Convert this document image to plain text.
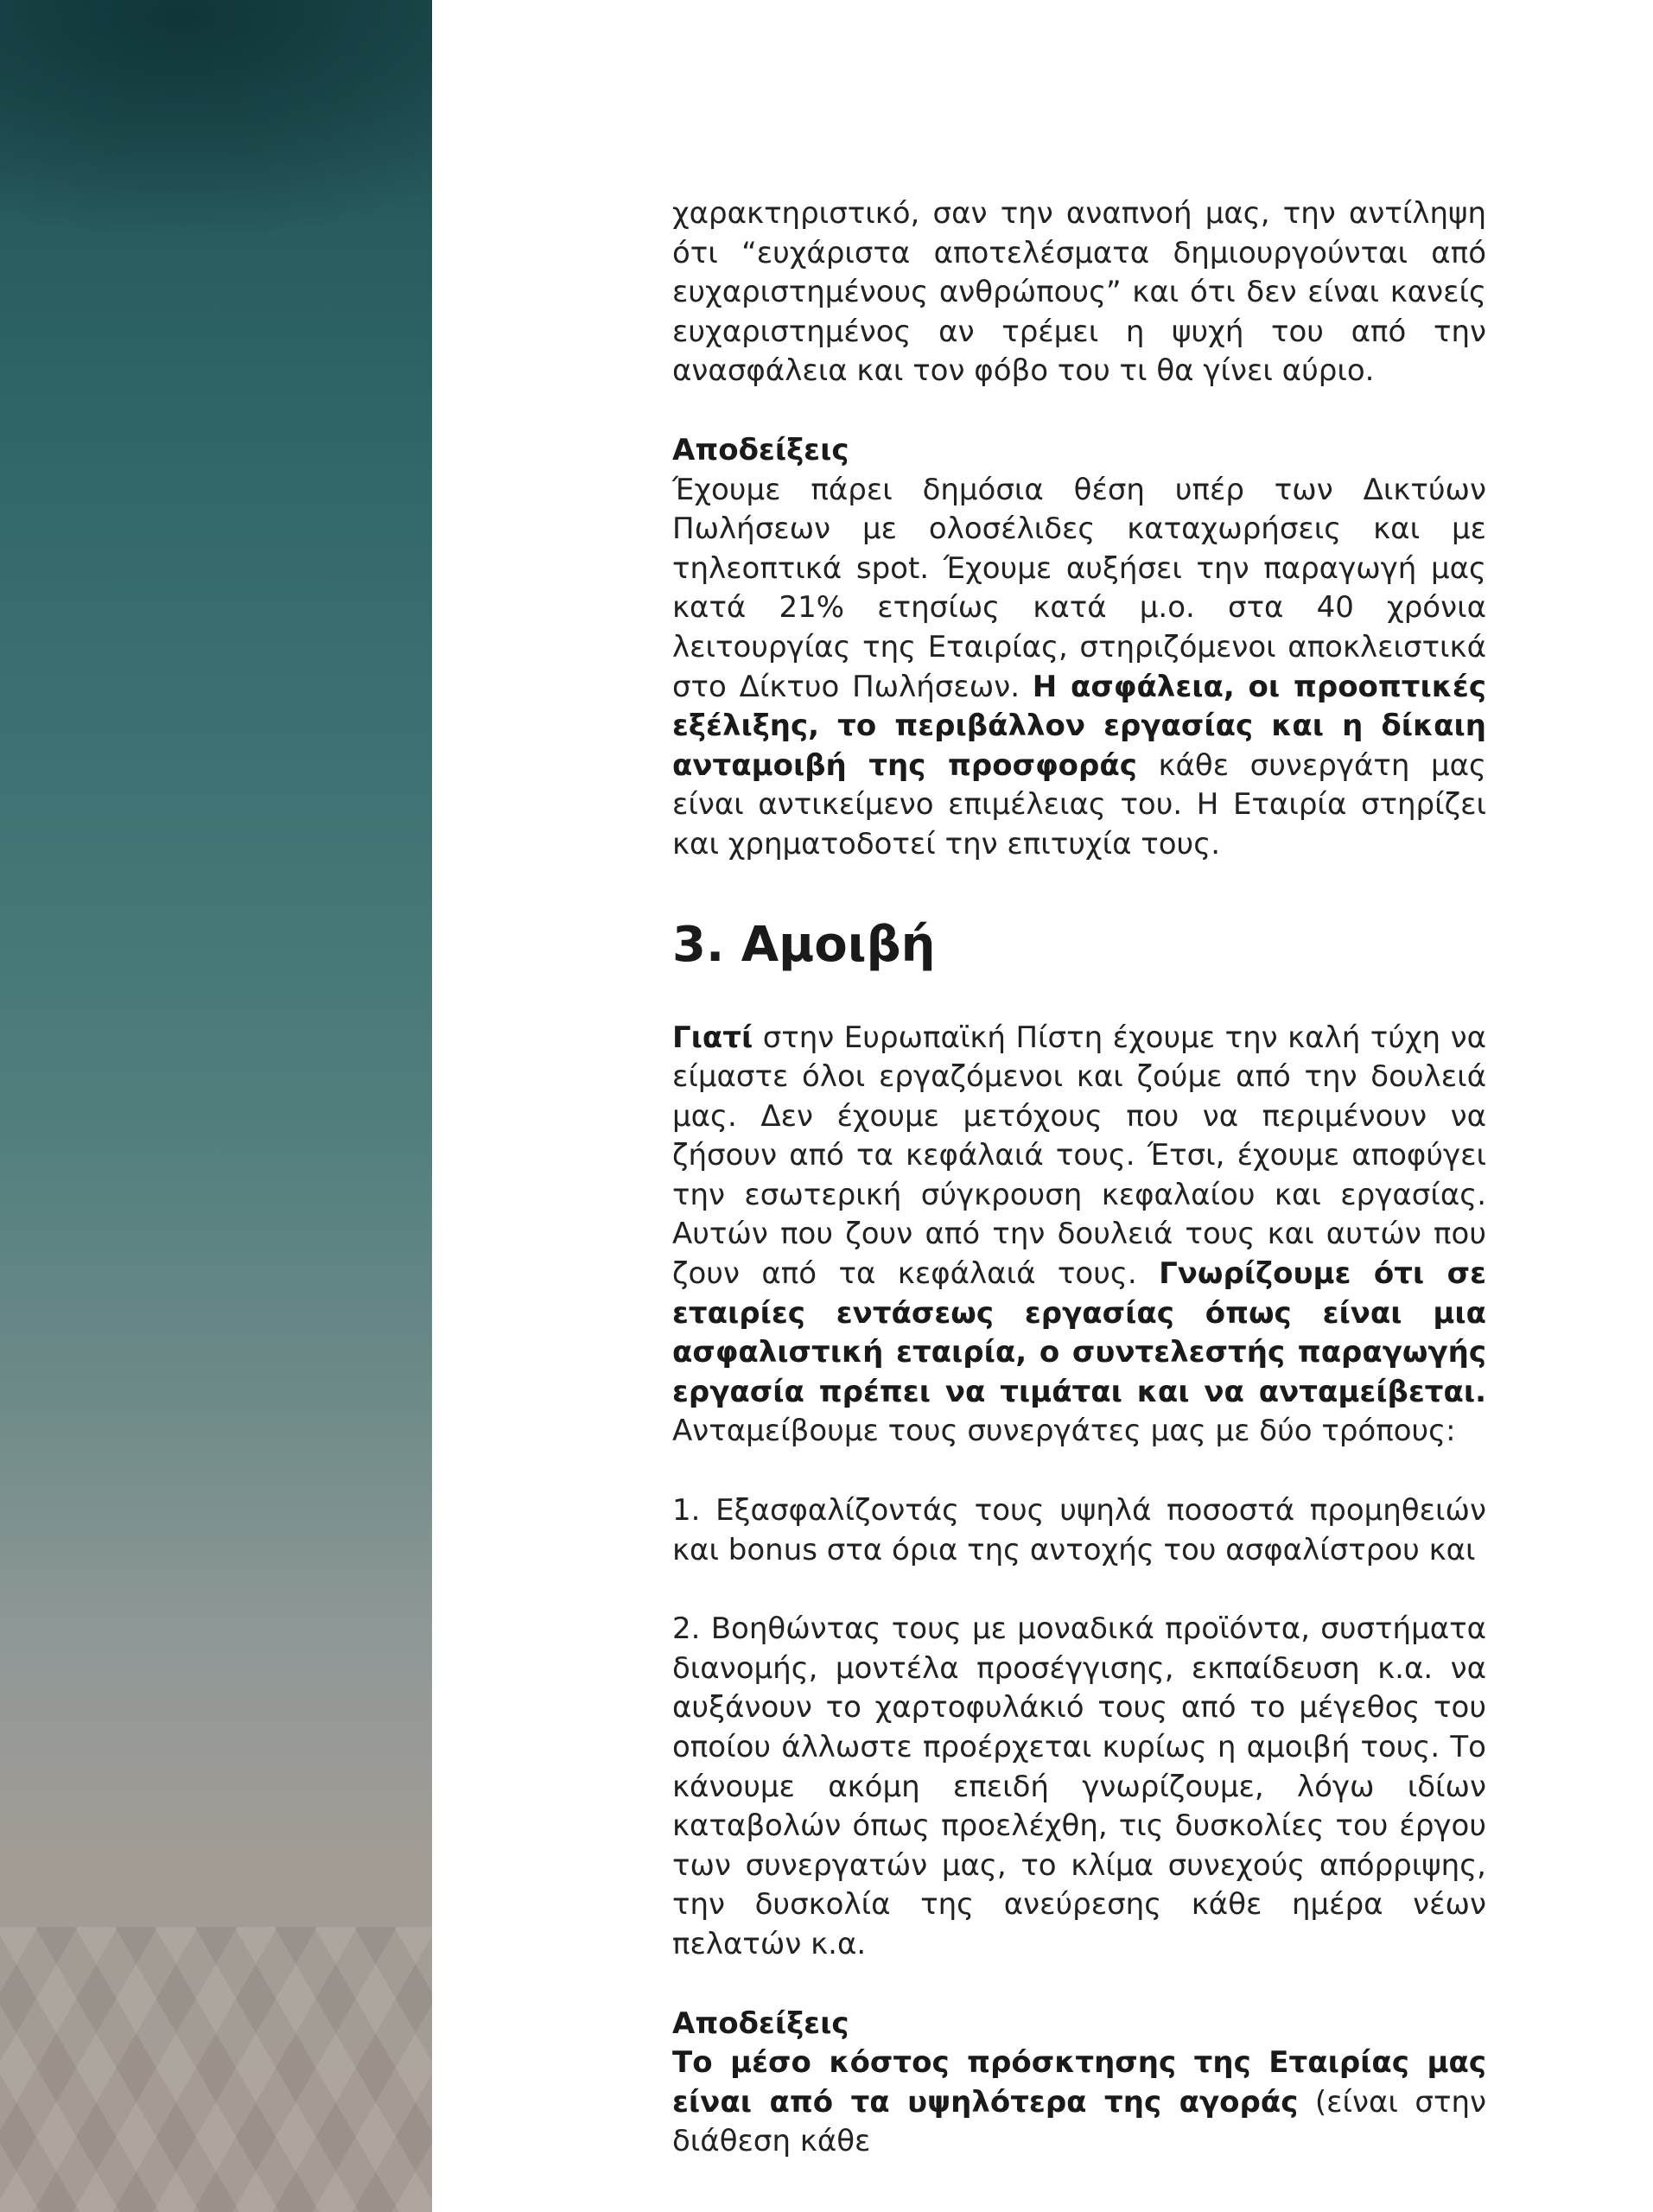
χαρακτηριστικό, σαν την αναπνοή μας, την αντίληψη ότι “ευχάριστα αποτελέσματα δημιουργούνται από ευχαριστημένους ανθρώπους” και ότι δεν είναι κανείς ευχαριστημένος αν τρέμει η ψυχή του από την ανασφάλεια και τον φόβο του τι θα γίνει αύριο.

Αποδείξεις

Έχουμε πάρει δημόσια θέση υπέρ των Δικτύων Πωλήσεων με ολοσέλιδες καταχωρήσεις και με τηλεοπτικά spot. Έχουμε αυξήσει την παραγωγή μας κατά 21% ετησίως κατά μ.ο. στα 40 χρόνια λειτουργίας της Εταιρίας, στηριζόμενοι αποκλειστικά στο Δίκτυο Πωλήσεων. Η ασφάλεια, οι προοπτικές εξέλιξης, το περιβάλλον εργασίας και η δίκαιη ανταμοιβή της προσφοράς κάθε συνεργάτη μας είναι αντικείμενο επιμέλειας του. Η Εταιρία στηρίζει και χρηματοδοτεί την επιτυχία τους.

3. Αμοιβή

Γιατί στην Ευρωπαϊκή Πίστη έχουμε την καλή τύχη να είμαστε όλοι εργαζόμενοι και ζούμε από την δουλειά μας. Δεν έχουμε μετόχους που να περιμένουν να ζήσουν από τα κεφάλαιά τους. Έτσι, έχουμε αποφύγει την εσωτερική σύγκρουση κεφαλαίου και εργασίας. Αυτών που ζουν από την δουλειά τους και αυτών που ζουν από τα κεφάλαιά τους. Γνωρίζουμε ότι σε εταιρίες εντάσεως εργασίας όπως είναι μια ασφαλιστική εταιρία, ο συντελεστής παραγωγής εργασία πρέπει να τιμάται και να ανταμείβεται. Ανταμείβουμε τους συνεργάτες μας με δύο τρόπους:

1. Εξασφαλίζοντάς τους υψηλά ποσοστά προμηθειών και bonus στα όρια της αντοχής του ασφαλίστρου και

2. Βοηθώντας τους με μοναδικά προϊόντα, συστήματα διανομής, μοντέλα προσέγγισης, εκπαίδευση κ.α. να αυξάνουν το χαρτοφυλάκιό τους από το μέγεθος του οποίου άλλωστε προέρχεται κυρίως η αμοιβή τους. Το κάνουμε ακόμη επειδή γνωρίζουμε, λόγω ιδίων καταβολών όπως προελέχθη, τις δυσκολίες του έργου των συνεργατών μας, το κλίμα συνεχούς απόρριψης, την δυσκολία της ανεύρεσης κάθε ημέρα νέων πελατών κ.α.

Αποδείξεις

Το μέσο κόστος πρόσκτησης της Εταιρίας μας είναι από τα υψηλότερα της αγοράς (είναι στην διάθεση κάθε
